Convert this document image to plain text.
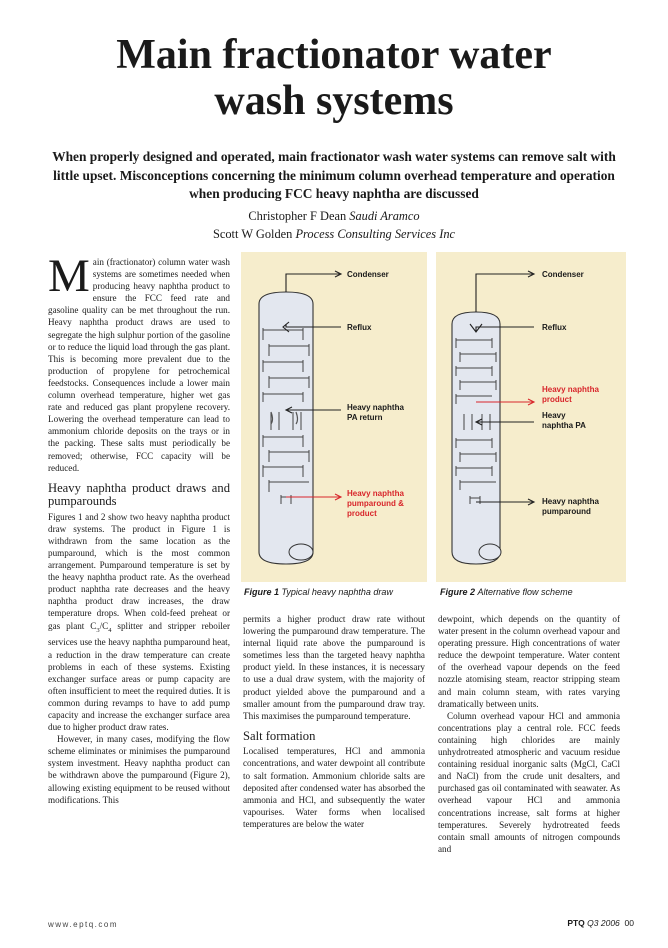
Main fractionator water
wash systems

When properly designed and operated, main fractionator wash water systems can remove salt with little upset. Misconceptions concerning the minimum column overhead temperature and operation when producing FCC heavy naphtha are discussed

Christopher F Dean Saudi Aramco
Scott W Golden Process Consulting Services Inc

Main (fractionator) column water wash systems are sometimes needed when producing heavy naphtha product to ensure the FCC feed rate and gasoline quality can be met throughout the run. Heavy naphtha product draws are used to segregate the high sulphur portion of the gasoline or to reduce the liquid load through the gas plant. This is becoming more prevalent due to the production of propylene for petrochemical feedstocks. Consequences include a lower main column overhead temperature, higher wet gas rate and reduced gas plant propylene recovery. Lowering the overhead temperature can lead to ammonium chloride deposits on the trays or in the packing. These salts must periodically be removed; otherwise, FCC capacity will be reduced.

Heavy naphtha product draws and pumparounds

Figures 1 and 2 show two heavy naphtha product draw systems. The product in Figure 1 is withdrawn from the same location as the pumparound, which is the most common arrangement. Pumparound temperature is set by the heavy naphtha product rate. As the overhead product naphtha rate decreases and the heavy naphtha product draw increases, the draw temperature drops. When cold-feed preheat or gas plant $C_3/C_4$ splitter and stripper reboiler services use the heavy naphtha pumparound heat, a reduction in the draw temperature can create problems in each of these systems. Existing exchanger surface areas or pump capacity are often insufficient to meet the required duties. It is common during revamps to have to add pump capacity and increase the exchanger surface area due to higher product draw rates.

However, in many cases, modifying the flow scheme eliminates or minimises the pumparound system investment. Heavy naphtha product can be withdrawn above the pumparound (Figure 2), allowing existing equipment to be reused without modifications. This

Condenser
Reflux
Heavy naphtha
PA return
Heavy naphtha
pumparound &
product
Figure 1 Typical heavy naphtha draw
Condenser
Reflux
Heavy naphtha
product
Heavy
naphtha PA
Heavy naphtha
pumparound
Figure 2 Alternative flow scheme

permits a higher product draw rate without lowering the pumparound draw temperature. The internal liquid rate above the pumparound is sometimes less than the targeted heavy naphtha product yield. In these instances, it is necessary to use a dual draw system, with the majority of product yielded above the pumparound and a smaller amount from the pumparound draw tray. This maximises the pumparound temperature.

Salt formation

Localised temperatures, HCl and ammonia concentrations, and water dewpoint all contribute to salt formation. Ammonium chloride salts are deposited after condensed water has absorbed the ammonia and HCl, and subsequently the water vapourises. Water forms when localised temperatures are below the water

dewpoint, which depends on the quantity of water present in the column overhead vapour and operating pressure. High concentrations of water reduce the dewpoint temperature. Water content of the overhead vapour depends on the feed nozzle atomising steam, reactor stripping steam and main column steam, with rates varying dramatically between units.

Column overhead vapour HCl and ammonia concentrations play a central role. FCC feeds containing high chlorides are mainly unhydrotreated atmospheric and vacuum residue containing residual inorganic salts (MgCl, CaCl and NaCl) from the crude unit desalters, and purchased gas oil contaminated with seawater. As overhead vapour HCl and ammonia concentrations increase, salt forms at higher temperatures. Severely hydrotreated feeds contain small amounts of nitrogen compounds and

www.eptq.com	PTQ Q3 2006 00
